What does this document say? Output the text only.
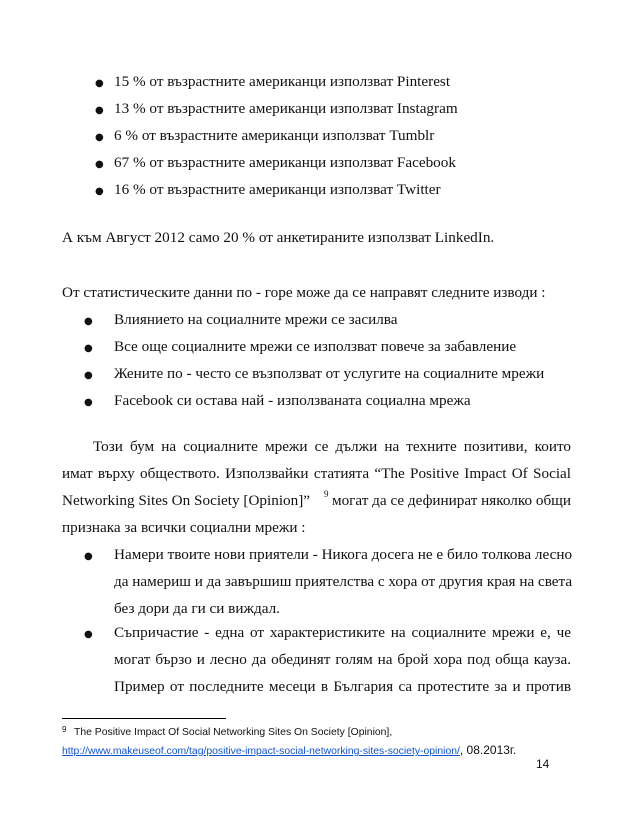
● 15 % от възрастните американци използват Pinterest
● 13 % от възрастните американци използват Instagram
● 6 % от възрастните американци използват Tumblr
● 67 % от възрастните американци използват Facebook
● 16 % от възрастните американци използват Twitter
А към Август 2012 само 20 % от анкетираните използват LinkedIn.
От статистическите данни по - горе може да се направят следните изводи :
● Влиянието на социалните мрежи се засилва
● Все още социалните мрежи се използват повече за забавление
● Жените по - често се възползват от услугите на социалните мрежи
● Facebook си остава най - използваната социална мрежа
Този бум на социалните мрежи се дължи на техните позитиви, които
имат върху обществото. Използвайки статията “The Positive Impact Of Social
Networking Sites On Society [Opinion]” $^9$ могат да се дефинират няколко общи
признака за всички социални мрежи :
● Намери твоите нови приятели - Никога досега не е било толкова лесно
да намериш и да завършиш приятелства с хора от другия края на света
без дори да ги си виждал.
● Съпричастие - една от характеристиките на социалните мрежи е, че
могат бързо и лесно да обединят голям на брой хора под обща кауза.
Пример от последните месеци в България са протестите за и против
9 The Positive Impact Of Social Networking Sites On Society [Opinion],
http://www.makeuseof.com/tag/positive-impact-social-networking-sites-society-opinion/, 08.2013г.
14
